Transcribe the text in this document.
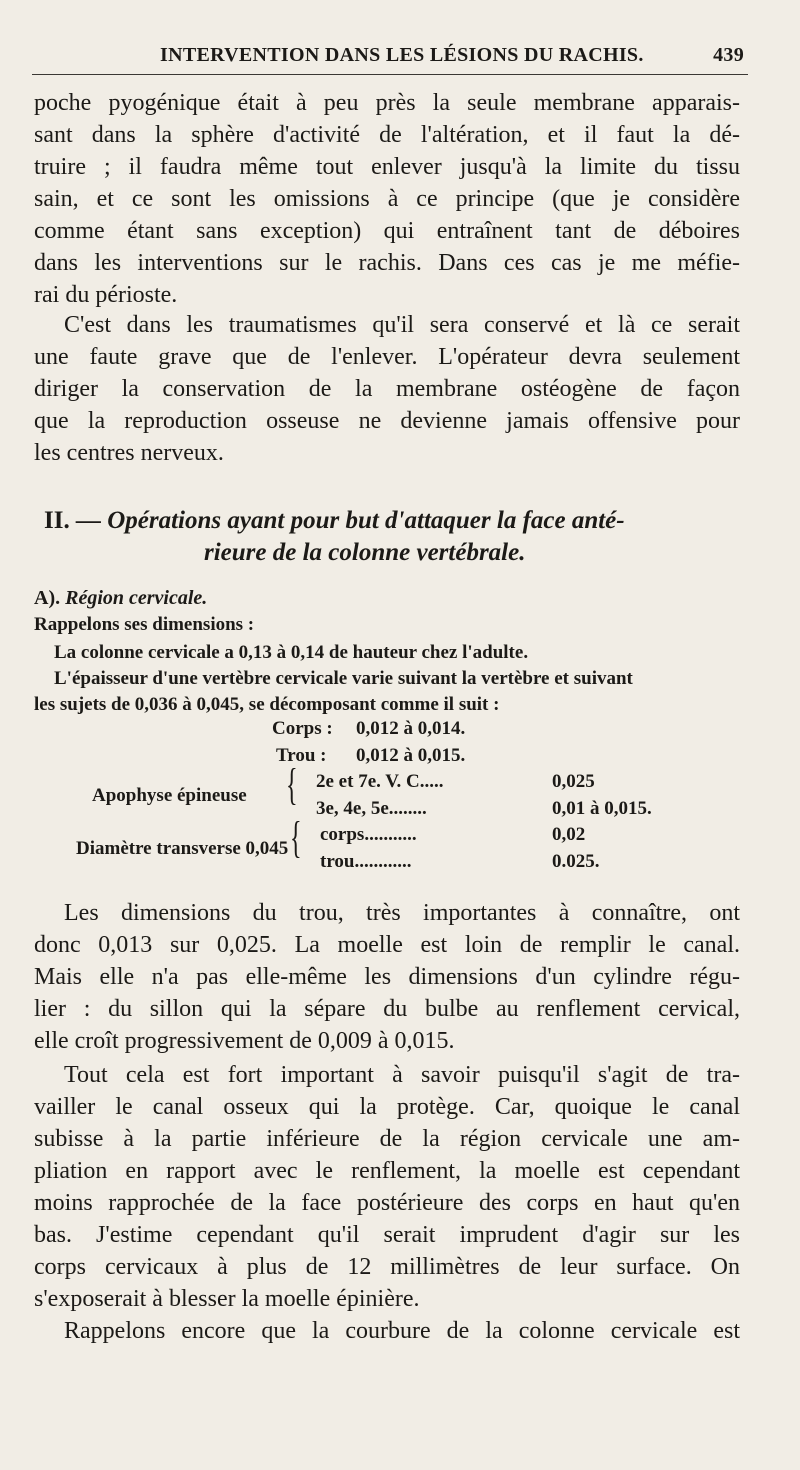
INTERVENTION DANS LES LÉSIONS DU RACHIS.	439
poche pyogénique était à peu près la seule membrane apparais-
sant dans la sphère d'activité de l'altération, et il faut la dé-
truire ; il faudra même tout enlever jusqu'à la limite du tissu
sain, et ce sont les omissions à ce principe (que je considère
comme étant sans exception) qui entraînent tant de déboires
dans les interventions sur le rachis. Dans ces cas je me méfie-
rai du périoste.
C'est dans les traumatismes qu'il sera conservé et là ce serait
une faute grave que de l'enlever. L'opérateur devra seulement
diriger la conservation de la membrane ostéogène de façon
que la reproduction osseuse ne devienne jamais offensive pour
les centres nerveux.
II. — Opérations ayant pour but d'attaquer la face anté-
rieure de la colonne vertébrale.
A). Région cervicale.
Rappelons ses dimensions :
La colonne cervicale a 0,13 à 0,14 de hauteur chez l'adulte.
L'épaisseur d'une vertèbre cervicale varie suivant la vertèbre et suivant
les sujets de 0,036 à 0,045, se décomposant comme il suit :
Corps : 0,012 à 0,014.
Trou : 0,012 à 0,015.
Apophyse épineuse { 2e et 7e. V. C.....	0,025
3e, 4e, 5e........	0,01 à 0,015.
Diamètre transverse 0,045 { corps...........	0,02
trou............	0.025.
Les dimensions du trou, très importantes à connaître, ont
donc 0,013 sur 0,025. La moelle est loin de remplir le canal.
Mais elle n'a pas elle-même les dimensions d'un cylindre régu-
lier : du sillon qui la sépare du bulbe au renflement cervical,
elle croît progressivement de 0,009 à 0,015.
Tout cela est fort important à savoir puisqu'il s'agit de tra-
vailler le canal osseux qui la protège. Car, quoique le canal
subisse à la partie inférieure de la région cervicale une am-
pliation en rapport avec le renflement, la moelle est cependant
moins rapprochée de la face postérieure des corps en haut qu'en
bas. J'estime cependant qu'il serait imprudent d'agir sur les
corps cervicaux à plus de 12 millimètres de leur surface. On
s'exposerait à blesser la moelle épinière.
Rappelons encore que la courbure de la colonne cervicale est
